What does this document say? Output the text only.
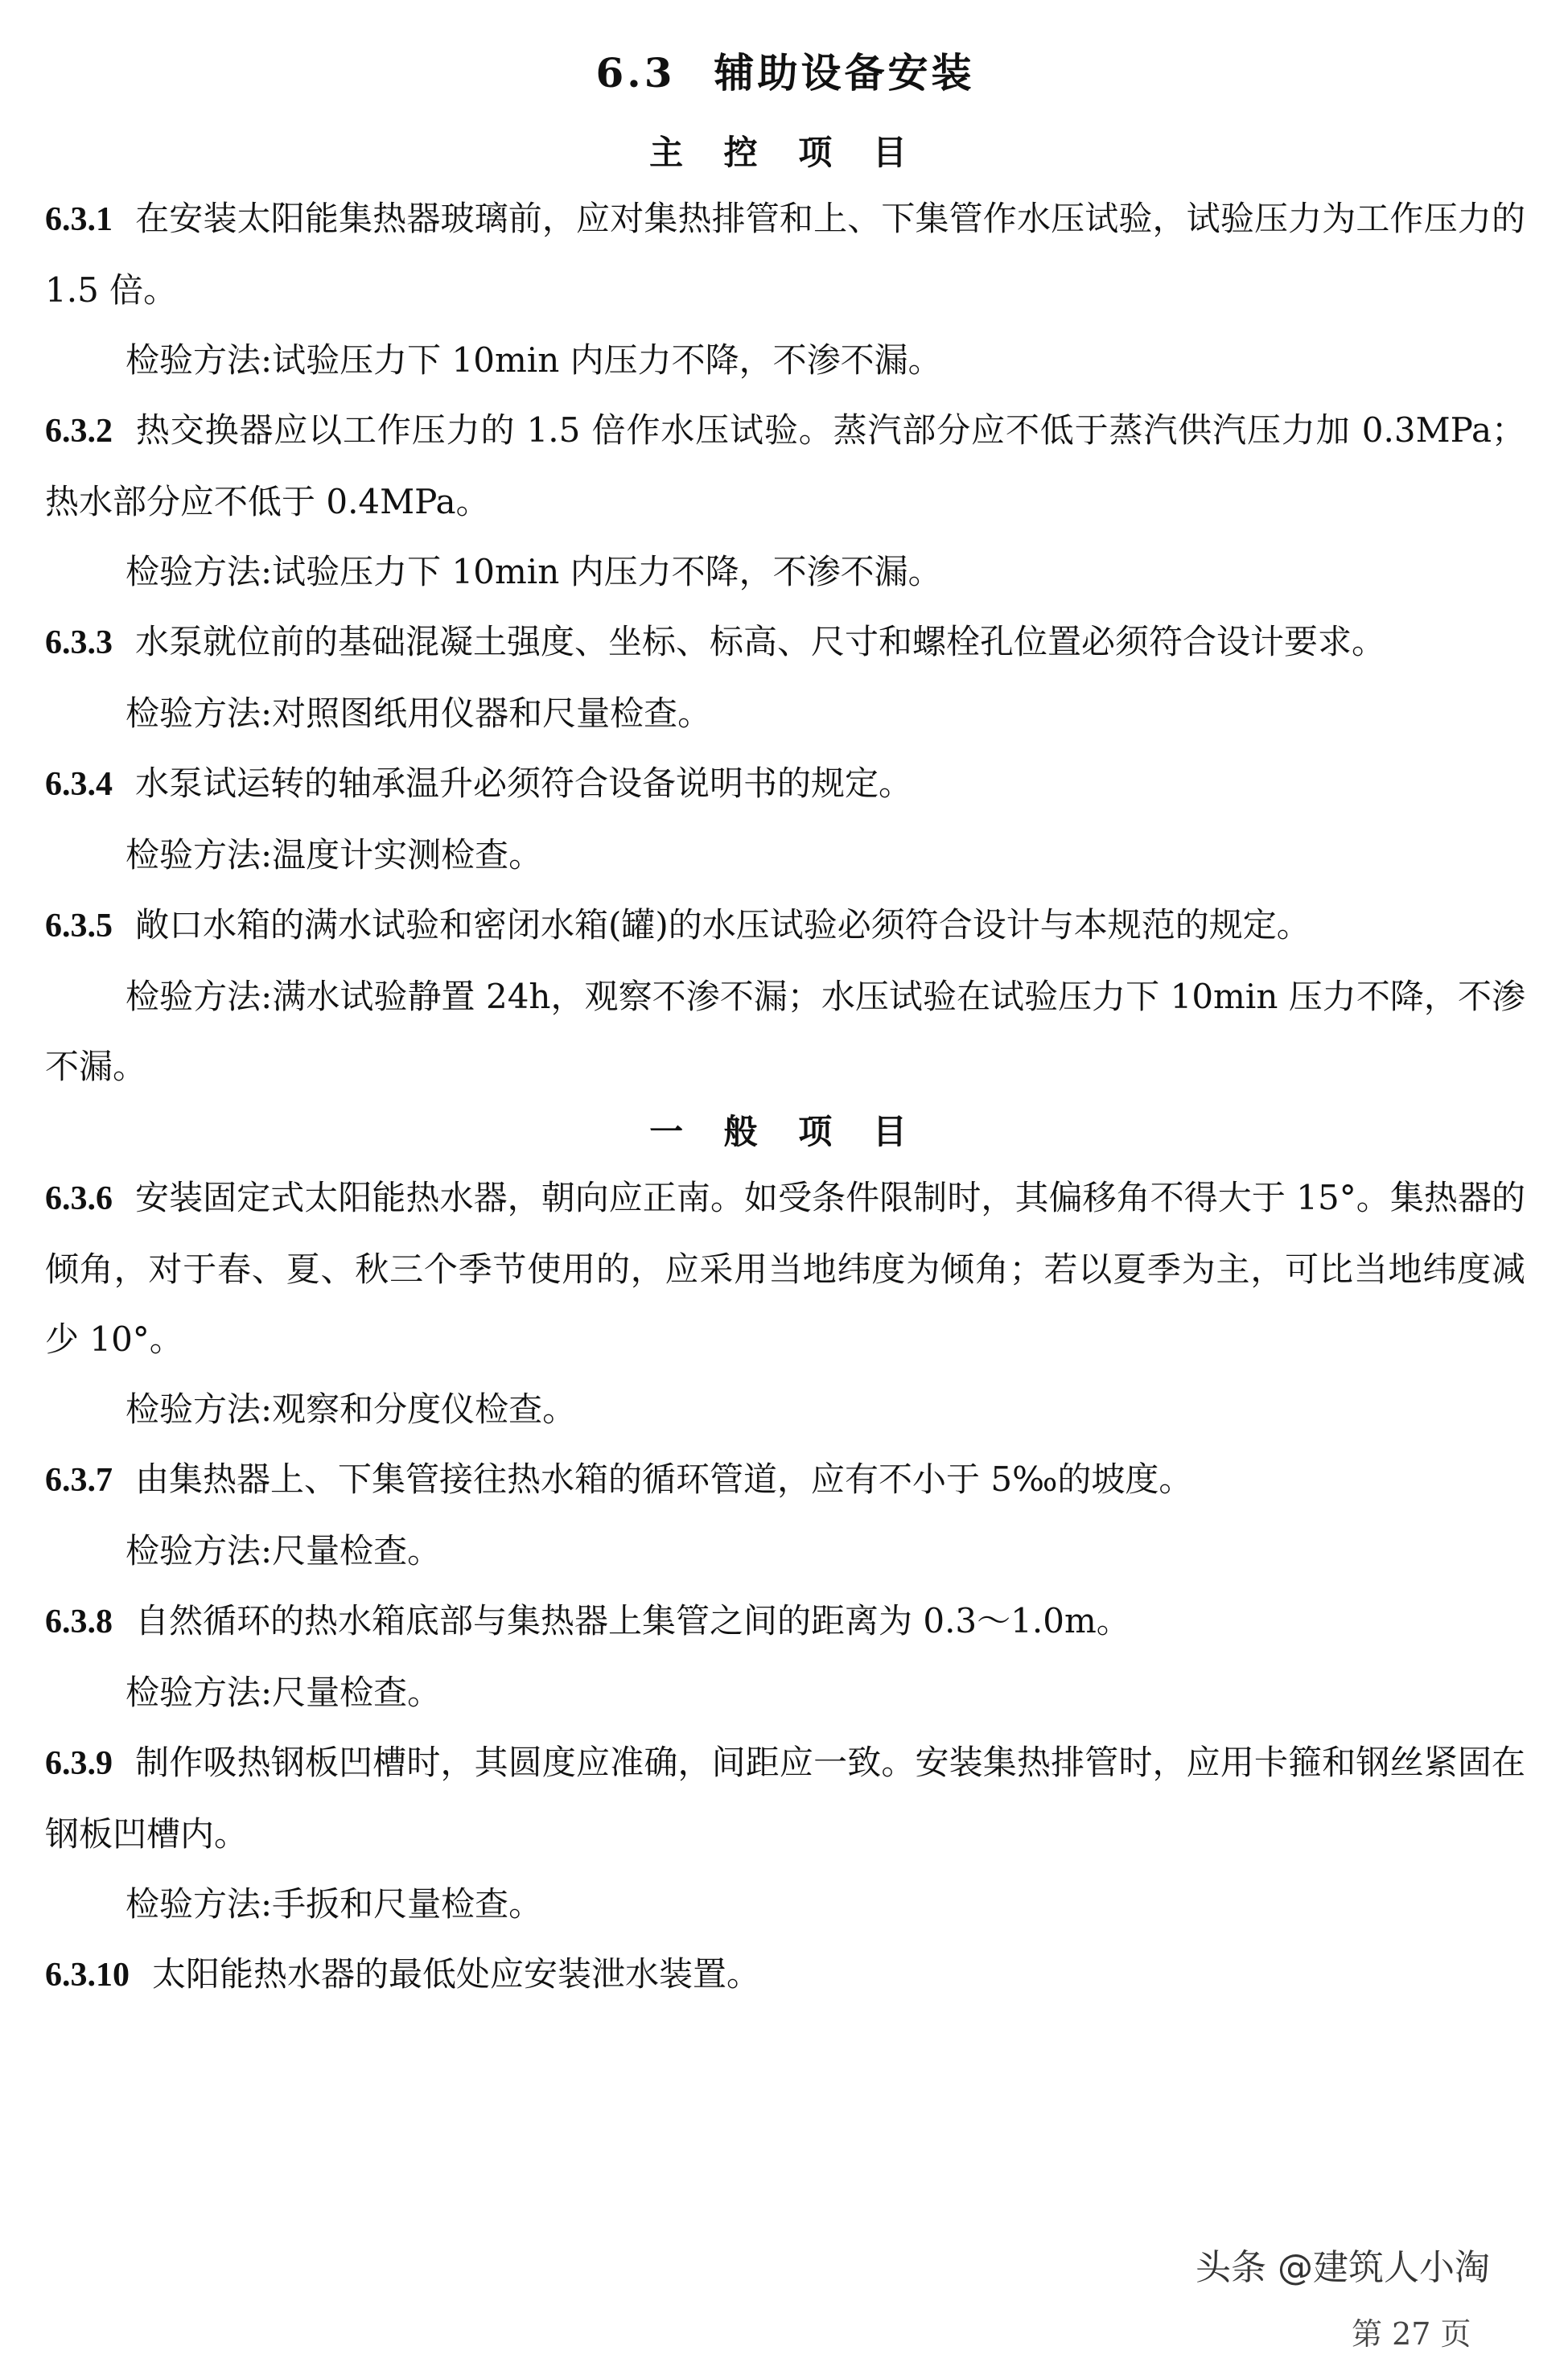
6.3 辅助设备安装
主 控 项 目

6.3.1 在安装太阳能集热器玻璃前，应对集热排管和上、下集管作水压试验，试验压力为工作压力的 1.5 倍。

检验方法:试验压力下 10min 内压力不降，不渗不漏。

6.3.2 热交换器应以工作压力的 1.5 倍作水压试验。蒸汽部分应不低于蒸汽供汽压力加 0.3MPa；热水部分应不低于 0.4MPa。

检验方法:试验压力下 10min 内压力不降，不渗不漏。

6.3.3 水泵就位前的基础混凝土强度、坐标、标高、尺寸和螺栓孔位置必须符合设计要求。

检验方法:对照图纸用仪器和尺量检查。

6.3.4 水泵试运转的轴承温升必须符合设备说明书的规定。

检验方法:温度计实测检查。

6.3.5 敞口水箱的满水试验和密闭水箱(罐)的水压试验必须符合设计与本规范的规定。

检验方法:满水试验静置 24h，观察不渗不漏；水压试验在试验压力下 10min 压力不降，不渗不漏。

一 般 项 目

6.3.6 安装固定式太阳能热水器，朝向应正南。如受条件限制时，其偏移角不得大于 15°。集热器的倾角，对于春、夏、秋三个季节使用的，应采用当地纬度为倾角；若以夏季为主，可比当地纬度减少 10°。

检验方法:观察和分度仪检查。

6.3.7 由集热器上、下集管接往热水箱的循环管道，应有不小于 5‰的坡度。

检验方法:尺量检查。

6.3.8 自然循环的热水箱底部与集热器上集管之间的距离为 0.3～1.0m。

检验方法:尺量检查。

6.3.9 制作吸热钢板凹槽时，其圆度应准确，间距应一致。安装集热排管时，应用卡箍和钢丝紧固在钢板凹槽内。

检验方法:手扳和尺量检查。

6.3.10 太阳能热水器的最低处应安装泄水装置。

头条 @建筑人小淘
第 27 页
